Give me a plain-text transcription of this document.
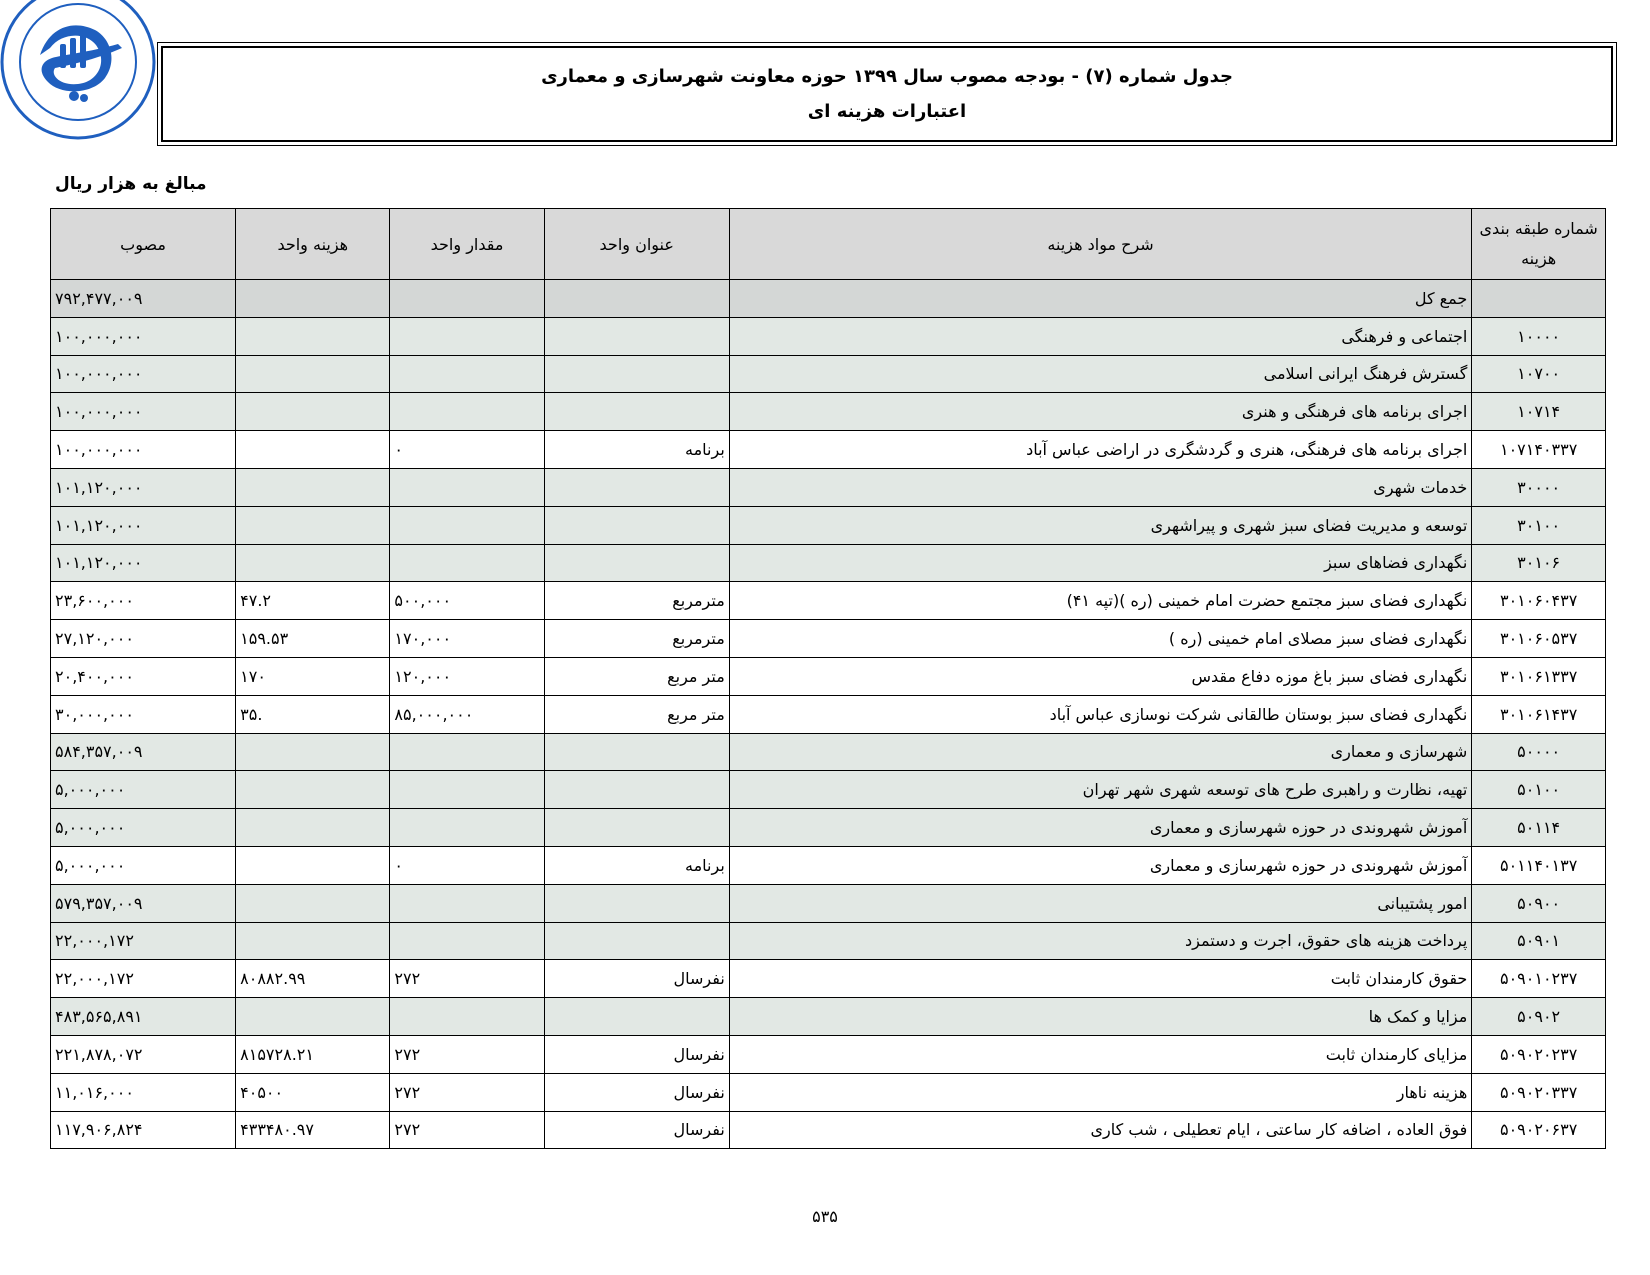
جدول شماره (۷) - بودجه مصوب سال ۱۳۹۹ حوزه معاونت شهرسازی و معماری
اعتبارات هزینه ای
مبالغ به هزار ریال
شماره طبقه بندی
هزینه	شرح مواد هزینه	عنوان واحد	مقدار واحد	هزینه واحد	مصوب
	جمع کل				۷۹۲,۴۷۷,۰۰۹
۱۰۰۰۰	اجتماعی و فرهنگی				۱۰۰,۰۰۰,۰۰۰
۱۰۷۰۰	گسترش فرهنگ ایرانی اسلامی				۱۰۰,۰۰۰,۰۰۰
۱۰۷۱۴	اجرای برنامه های فرهنگی و هنری				۱۰۰,۰۰۰,۰۰۰
۱۰۷۱۴۰۳۳۷	اجرای برنامه های فرهنگی، هنری و گردشگری در اراضی عباس آباد	برنامه	۰		۱۰۰,۰۰۰,۰۰۰
۳۰۰۰۰	خدمات شهری				۱۰۱,۱۲۰,۰۰۰
۳۰۱۰۰	توسعه و مدیریت فضای سبز شهری و پیراشهری				۱۰۱,۱۲۰,۰۰۰
۳۰۱۰۶	نگهداری فضاهای سبز				۱۰۱,۱۲۰,۰۰۰
۳۰۱۰۶۰۴۳۷	نگهداری فضای سبز مجتمع حضرت امام خمینی (ره )(تپه ۴۱)	مترمربع	۵۰۰,۰۰۰	۴۷.۲	۲۳,۶۰۰,۰۰۰
۳۰۱۰۶۰۵۳۷	نگهداری فضای سبز مصلای امام خمینی (ره )	مترمربع	۱۷۰,۰۰۰	۱۵۹.۵۳	۲۷,۱۲۰,۰۰۰
۳۰۱۰۶۱۳۳۷	نگهداری فضای سبز باغ موزه دفاع مقدس	متر مربع	۱۲۰,۰۰۰	۱۷۰	۲۰,۴۰۰,۰۰۰
۳۰۱۰۶۱۴۳۷	نگهداری فضای سبز بوستان طالقانی شرکت نوسازی عباس آباد	متر مربع	۸۵,۰۰۰,۰۰۰	.۳۵	۳۰,۰۰۰,۰۰۰
۵۰۰۰۰	شهرسازی و معماری				۵۸۴,۳۵۷,۰۰۹
۵۰۱۰۰	تهیه، نظارت و راهبری طرح های توسعه شهری شهر تهران				۵,۰۰۰,۰۰۰
۵۰۱۱۴	آموزش شهروندی در حوزه شهرسازی و معماری				۵,۰۰۰,۰۰۰
۵۰۱۱۴۰۱۳۷	آموزش شهروندی در حوزه شهرسازی و معماری	برنامه	۰		۵,۰۰۰,۰۰۰
۵۰۹۰۰	امور پشتیبانی				۵۷۹,۳۵۷,۰۰۹
۵۰۹۰۱	پرداخت هزینه های حقوق، اجرت و دستمزد				۲۲,۰۰۰,۱۷۲
۵۰۹۰۱۰۲۳۷	حقوق کارمندان ثابت	نفرسال	۲۷۲	۸۰۸۸۲.۹۹	۲۲,۰۰۰,۱۷۲
۵۰۹۰۲	مزایا و کمک ها				۴۸۳,۵۶۵,۸۹۱
۵۰۹۰۲۰۲۳۷	مزایای کارمندان ثابت	نفرسال	۲۷۲	۸۱۵۷۲۸.۲۱	۲۲۱,۸۷۸,۰۷۲
۵۰۹۰۲۰۳۳۷	هزینه ناهار	نفرسال	۲۷۲	۴۰۵۰۰	۱۱,۰۱۶,۰۰۰
۵۰۹۰۲۰۶۳۷	فوق العاده ، اضافه کار ساعتی ، ایام تعطیلی ، شب کاری	نفرسال	۲۷۲	۴۳۳۴۸۰.۹۷	۱۱۷,۹۰۶,۸۲۴
۵۳۵
